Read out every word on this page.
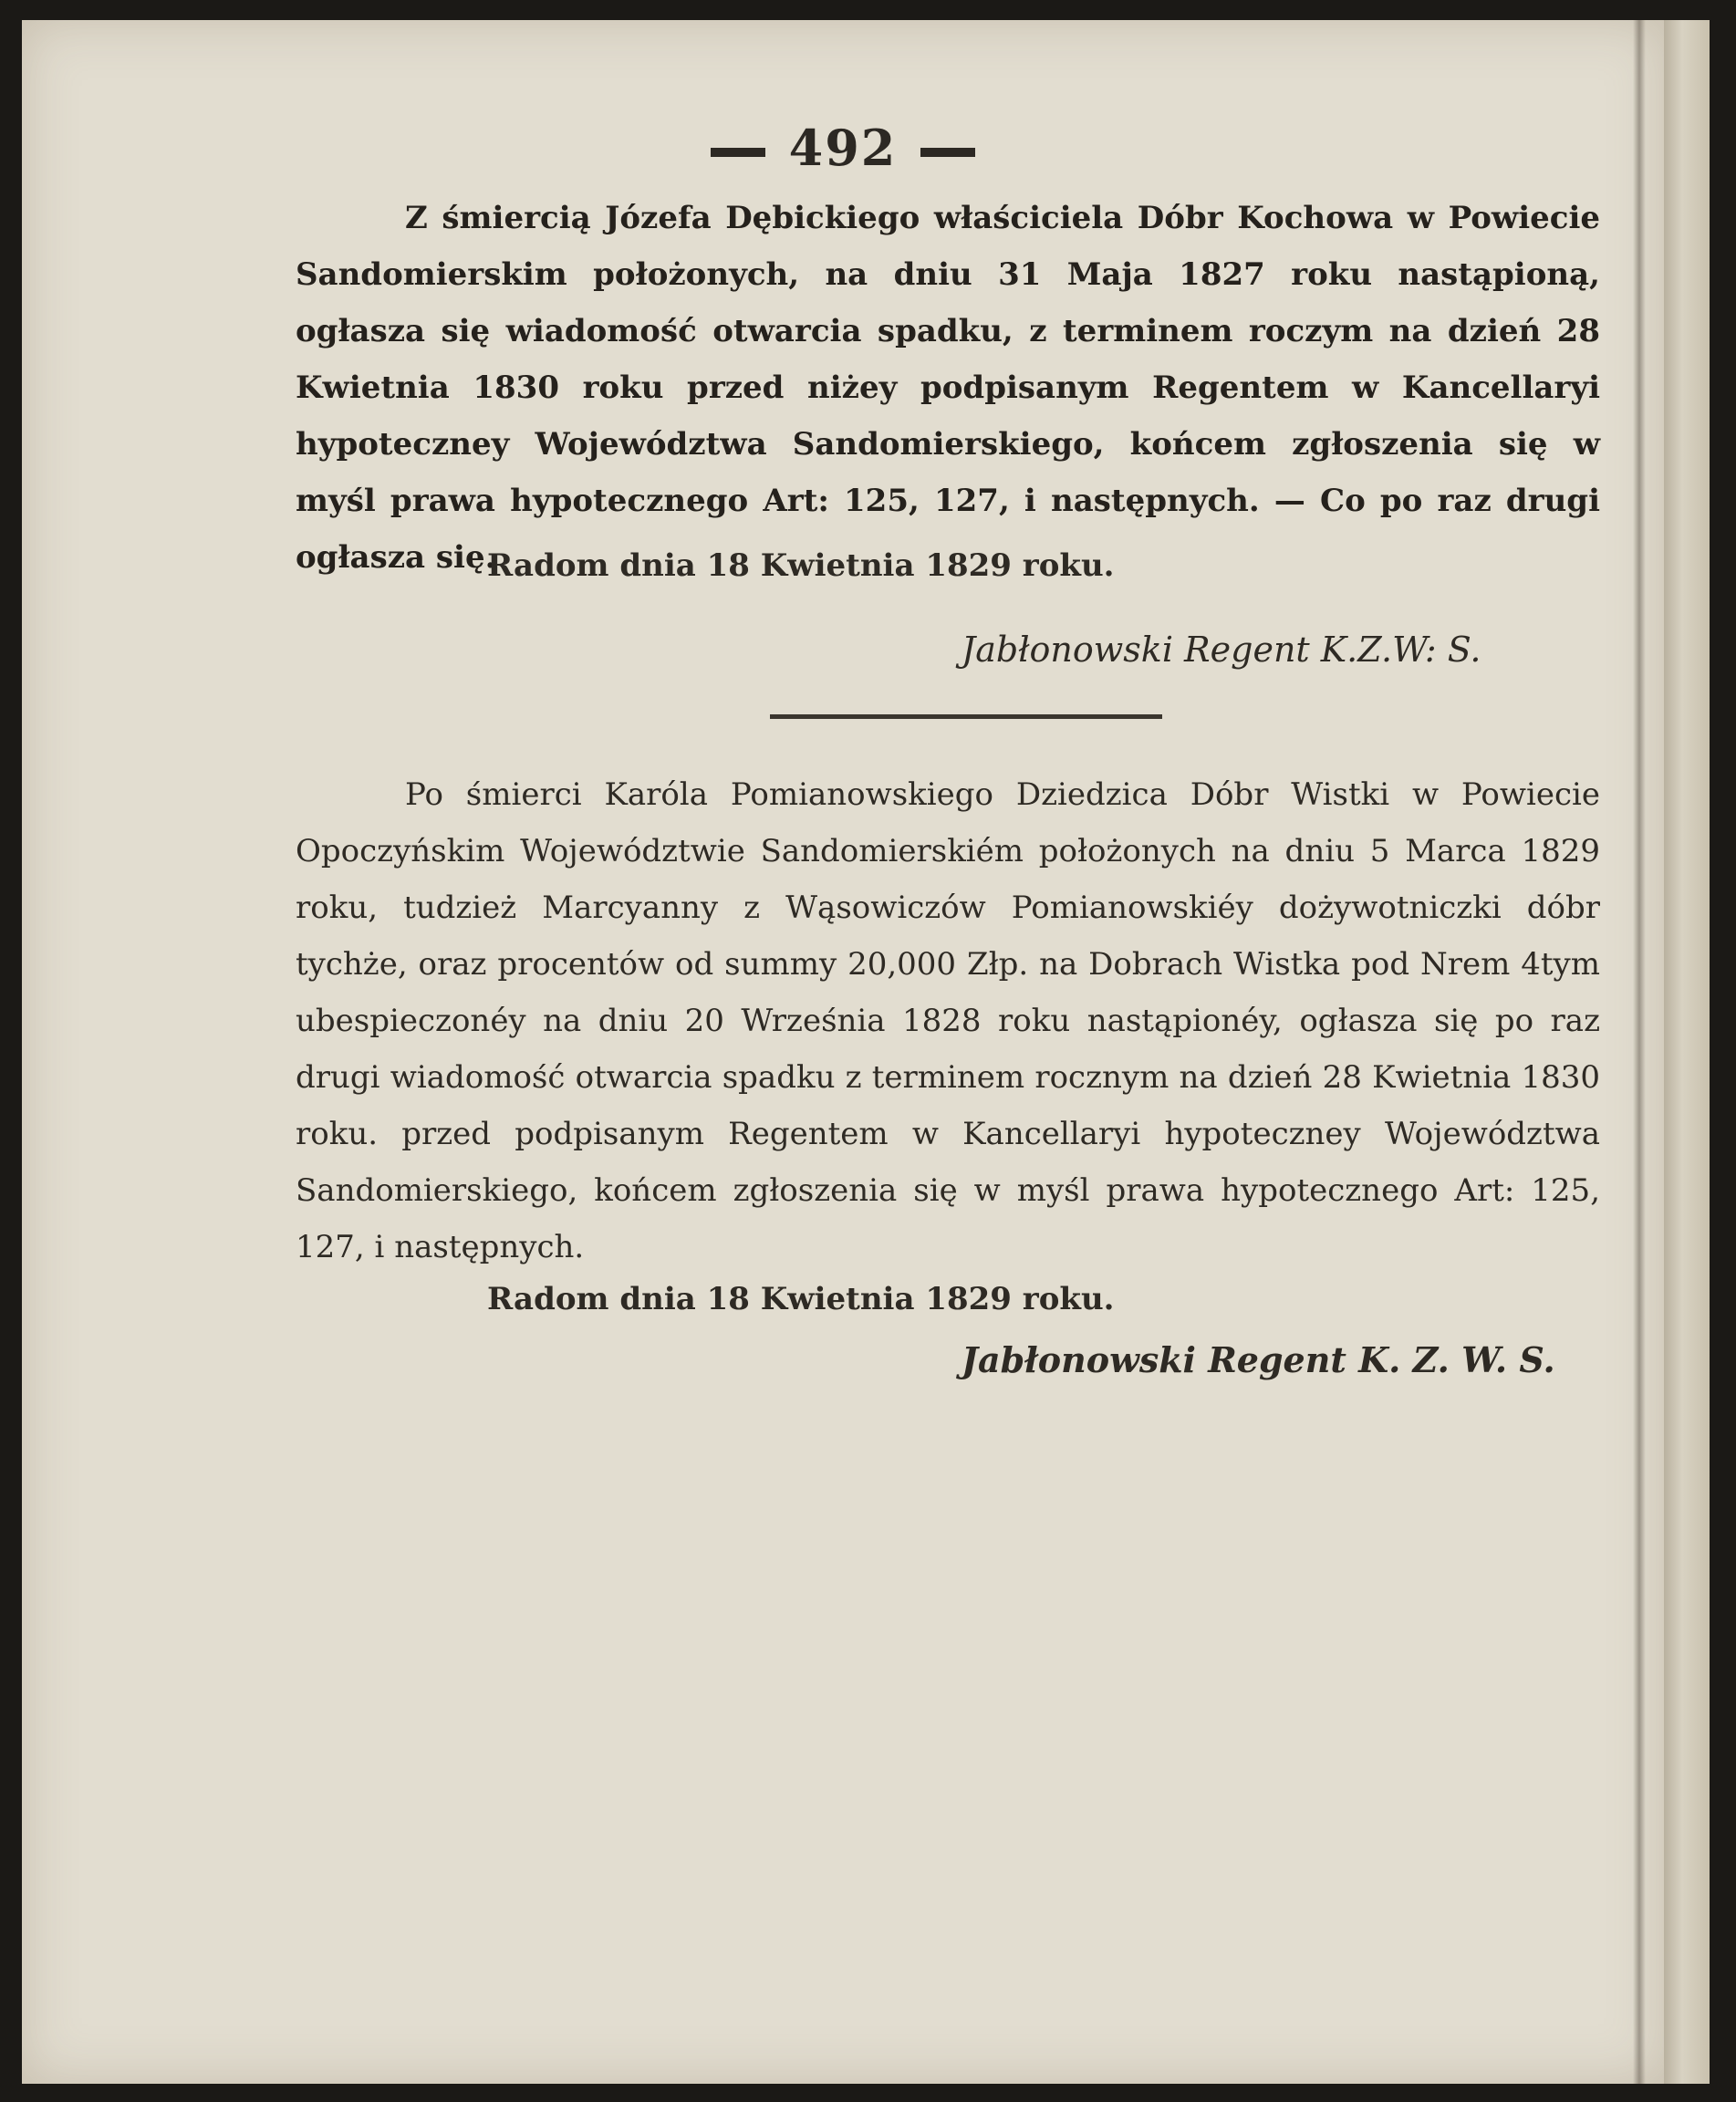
492

Z śmiercią Józefa Dębickiego właściciela Dóbr Kochowa w Powiecie Sandomierskim położonych, na dniu 31 Maja 1827 roku nastąpioną, ogłasza się wiadomość otwarcia spadku, z terminem roczym na dzień 28 Kwietnia 1830 roku przed niżey podpisanym Regentem w Kancellaryi hypoteczney Województwa Sandomierskiego, końcem zgłoszenia się w myśl prawa hypotecznego Art: 125, 127, i następnych. — Co po raz drugi ogłasza się.

Radom dnia 18 Kwietnia 1829 roku.
Jabłonowski Regent K.Z.W: S.

Po śmierci Karóla Pomianowskiego Dziedzica Dóbr Wistki w Powiecie Opoczyńskim Województwie Sandomierskiém położonych na dniu 5 Marca 1829 roku, tudzież Marcyanny z Wąsowiczów Pomianowskiéy dożywotniczki dóbr tychże, oraz procentów od summy 20,000 Złp. na Dobrach Wistka pod Nrem 4tym ubespieczonéy na dniu 20 Września 1828 roku nastąpionéy, ogłasza się po raz drugi wiadomość otwarcia spadku z terminem rocznym na dzień 28 Kwietnia 1830 roku. przed podpisanym Regentem w Kancellaryi hypoteczney Województwa Sandomierskiego, końcem zgłoszenia się w myśl prawa hypotecznego Art: 125, 127, i następnych.

Radom dnia 18 Kwietnia 1829 roku.
Jabłonowski Regent K. Z. W. S.
